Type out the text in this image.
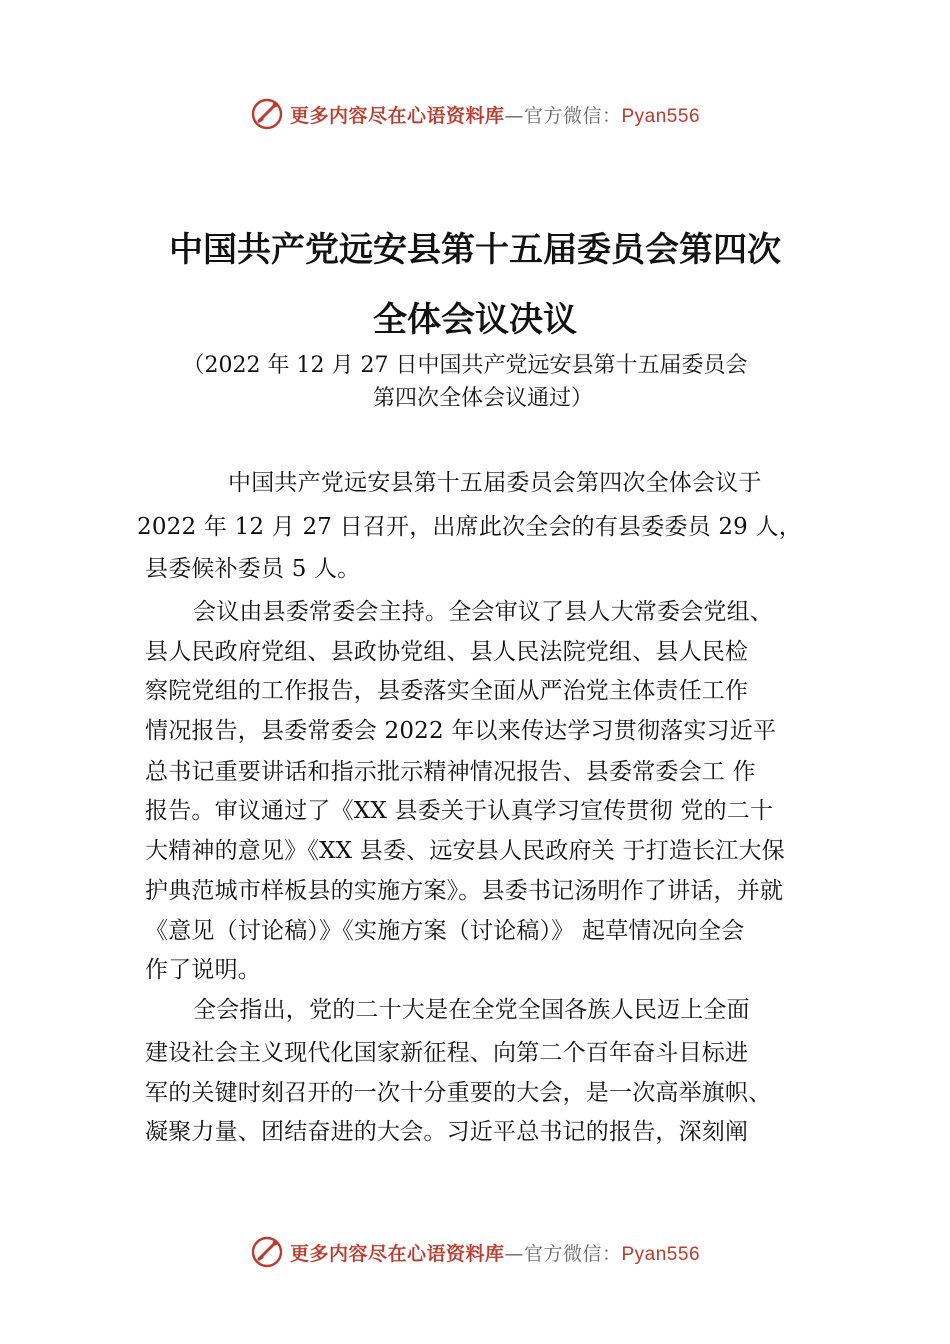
更多内容尽在心语资料库—官方微信：Pyan556
中国共产党远安县第十五届委员会第四次
全体会议决议
（2022 年 12 月 27 日中国共产党远安县第十五届委员会
第四次全体会议通过）
中国共产党远安县第十五届委员会第四次全体会议于
2022 年 12 月 27 日召开，出席此次全会的有县委委员 29 人，
县委候补委员 5 人。
会议由县委常委会主持。全会审议了县人大常委会党组、
县人民政府党组、县政协党组、县人民法院党组、县人民检
察院党组的工作报告，县委落实全面从严治党主体责任工作
情况报告，县委常委会 2022 年以来传达学习贯彻落实习近平
总书记重要讲话和指示批示精神情况报告、县委常委会工 作
报告。审议通过了《XX 县委关于认真学习宣传贯彻 党的二十
大精神的意见》《XX 县委、远安县人民政府关 于打造长江大保
护典范城市样板县的实施方案》。县委书记汤明作了讲话，并就
《意见（讨论稿）》《实施方案（讨论稿）》 起草情况向全会
作了说明。
全会指出，党的二十大是在全党全国各族人民迈上全面
建设社会主义现代化国家新征程、向第二个百年奋斗目标进
军的关键时刻召开的一次十分重要的大会，是一次高举旗帜、
凝聚力量、团结奋进的大会。习近平总书记的报告，深刻阐
更多内容尽在心语资料库—官方微信：Pyan556
